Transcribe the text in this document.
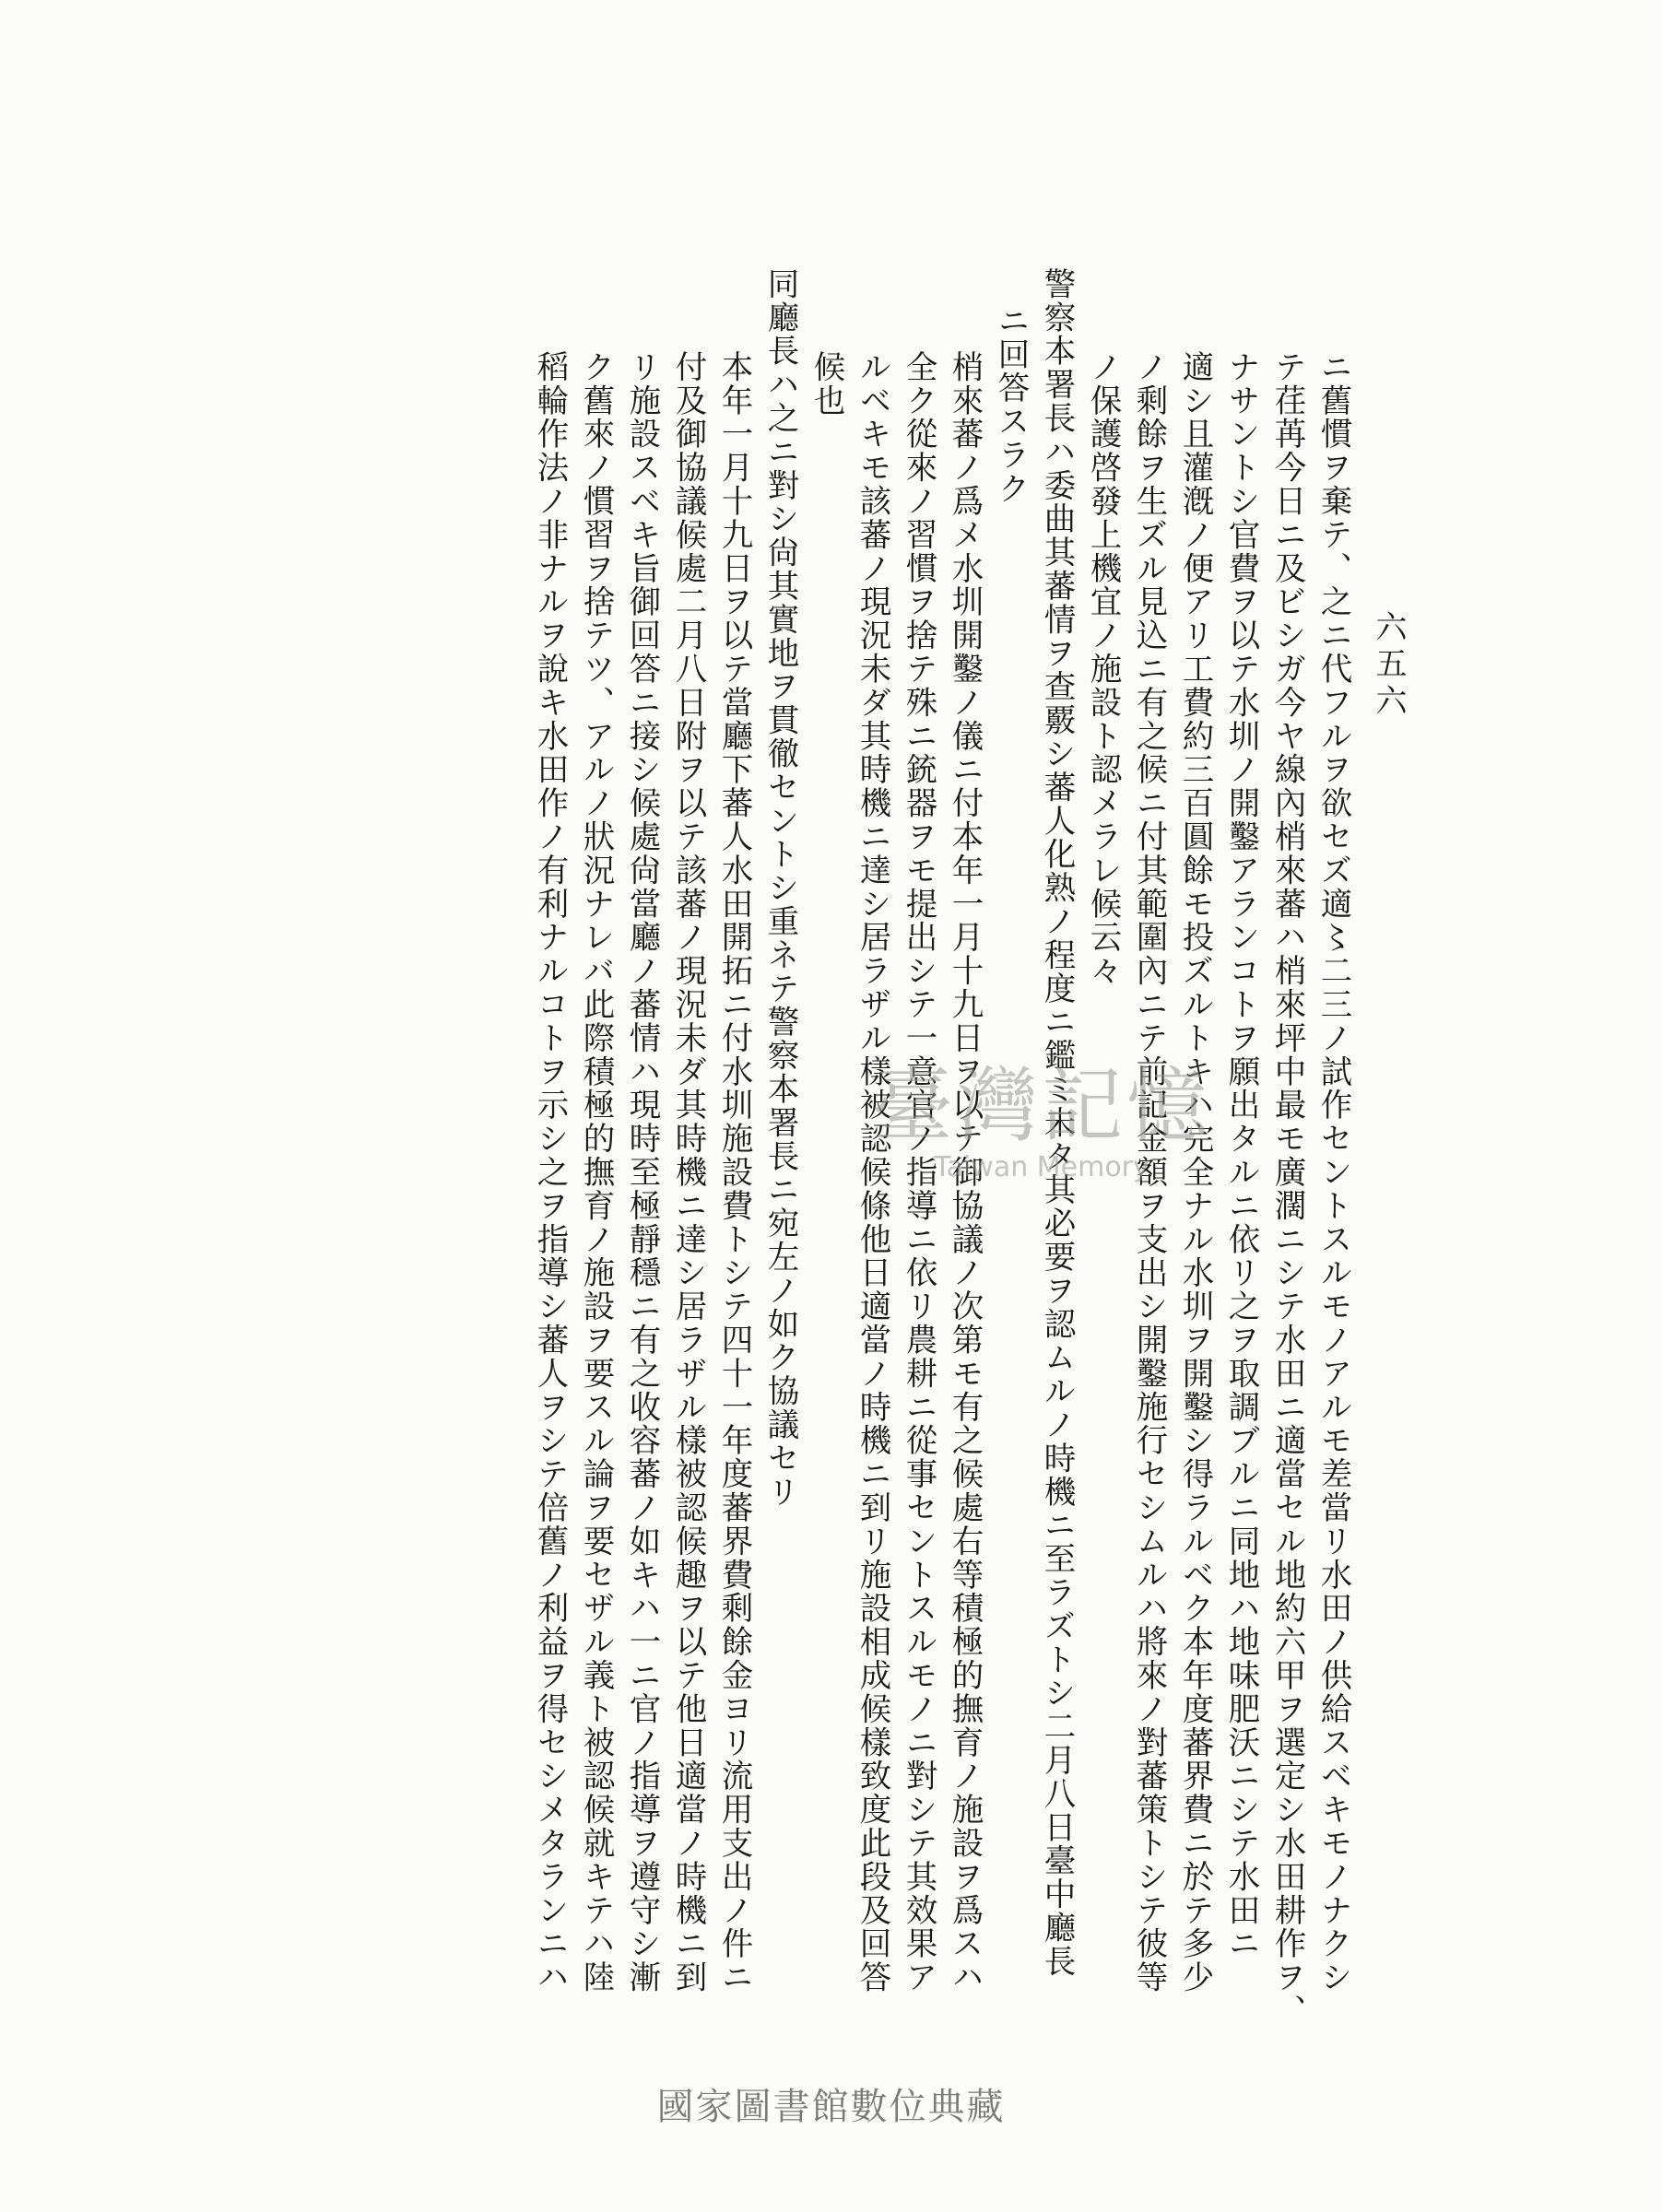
六五六
ニ舊慣ヲ棄テ、之ニ代フルヲ欲セズ適〻二三ノ試作セントスルモノアルモ差當リ水田ノ供給スベキモノナクシ
テ荏苒今日ニ及ビシガ今ヤ線內梢來蕃ハ梢來坪中最モ廣濶ニシテ水田ニ適當セル地約六甲ヲ選定シ水田耕作ヲ、
ナサントシ官費ヲ以テ水圳ノ開鑿アランコトヲ願出タルニ依リ之ヲ取調ブルニ同地ハ地味肥沃ニシテ水田ニ
適シ且灌漑ノ便アリ工費約三百圓餘モ投ズルトキハ完全ナル水圳ヲ開鑿シ得ラルベク本年度蕃界費ニ於テ多少
ノ剩餘ヲ生ズル見込ニ有之候ニ付其範圍內ニテ前記金額ヲ支出シ開鑿施行セシムルハ將來ノ對蕃策トシテ彼等
ノ保護啓發上機宜ノ施設ト認メラレ候云々
警察本署長ハ委曲其蕃情ヲ查覈シ蕃人化熟ノ程度ニ鑑ミ未タ其必要ヲ認ムルノ時機ニ至ラズトシ二月八日臺中廳長
ニ回答スラク
梢來蕃ノ爲メ水圳開鑿ノ儀ニ付本年一月十九日ヲ以テ御協議ノ次第モ有之候處右等積極的撫育ノ施設ヲ爲スハ
全ク從來ノ習慣ヲ捨テ殊ニ銃器ヲモ提出シテ一意官ノ指導ニ依リ農耕ニ從事セントスルモノニ對シテ其效果ア
ルベキモ該蕃ノ現況未ダ其時機ニ達シ居ラザル樣被認候條他日適當ノ時機ニ到リ施設相成候樣致度此段及回答
候也
同廳長ハ之ニ對シ尙其實地ヲ貫徹セントシ重ネテ警察本署長ニ宛左ノ如ク協議セリ
本年一月十九日ヲ以テ當廳下蕃人水田開拓ニ付水圳施設費トシテ四十一年度蕃界費剩餘金ヨリ流用支出ノ件ニ
付及御協議候處二月八日附ヲ以テ該蕃ノ現況未ダ其時機ニ達シ居ラザル樣被認候趣ヲ以テ他日適當ノ時機ニ到
リ施設スベキ旨御回答ニ接シ候處尙當廳ノ蕃情ハ現時至極靜穩ニ有之收容蕃ノ如キハ一ニ官ノ指導ヲ遵守シ漸
ク舊來ノ慣習ヲ捨テツ、アルノ狀況ナレバ此際積極的撫育ノ施設ヲ要スル論ヲ要セザル義ト被認候就キテハ陸
稻輪作法ノ非ナルヲ說キ水田作ノ有利ナルコトヲ示シ之ヲ指導シ蕃人ヲシテ倍舊ノ利益ヲ得セシメタランニハ	臺灣記憶
Taiwan Memory
國家圖書館數位典藏
